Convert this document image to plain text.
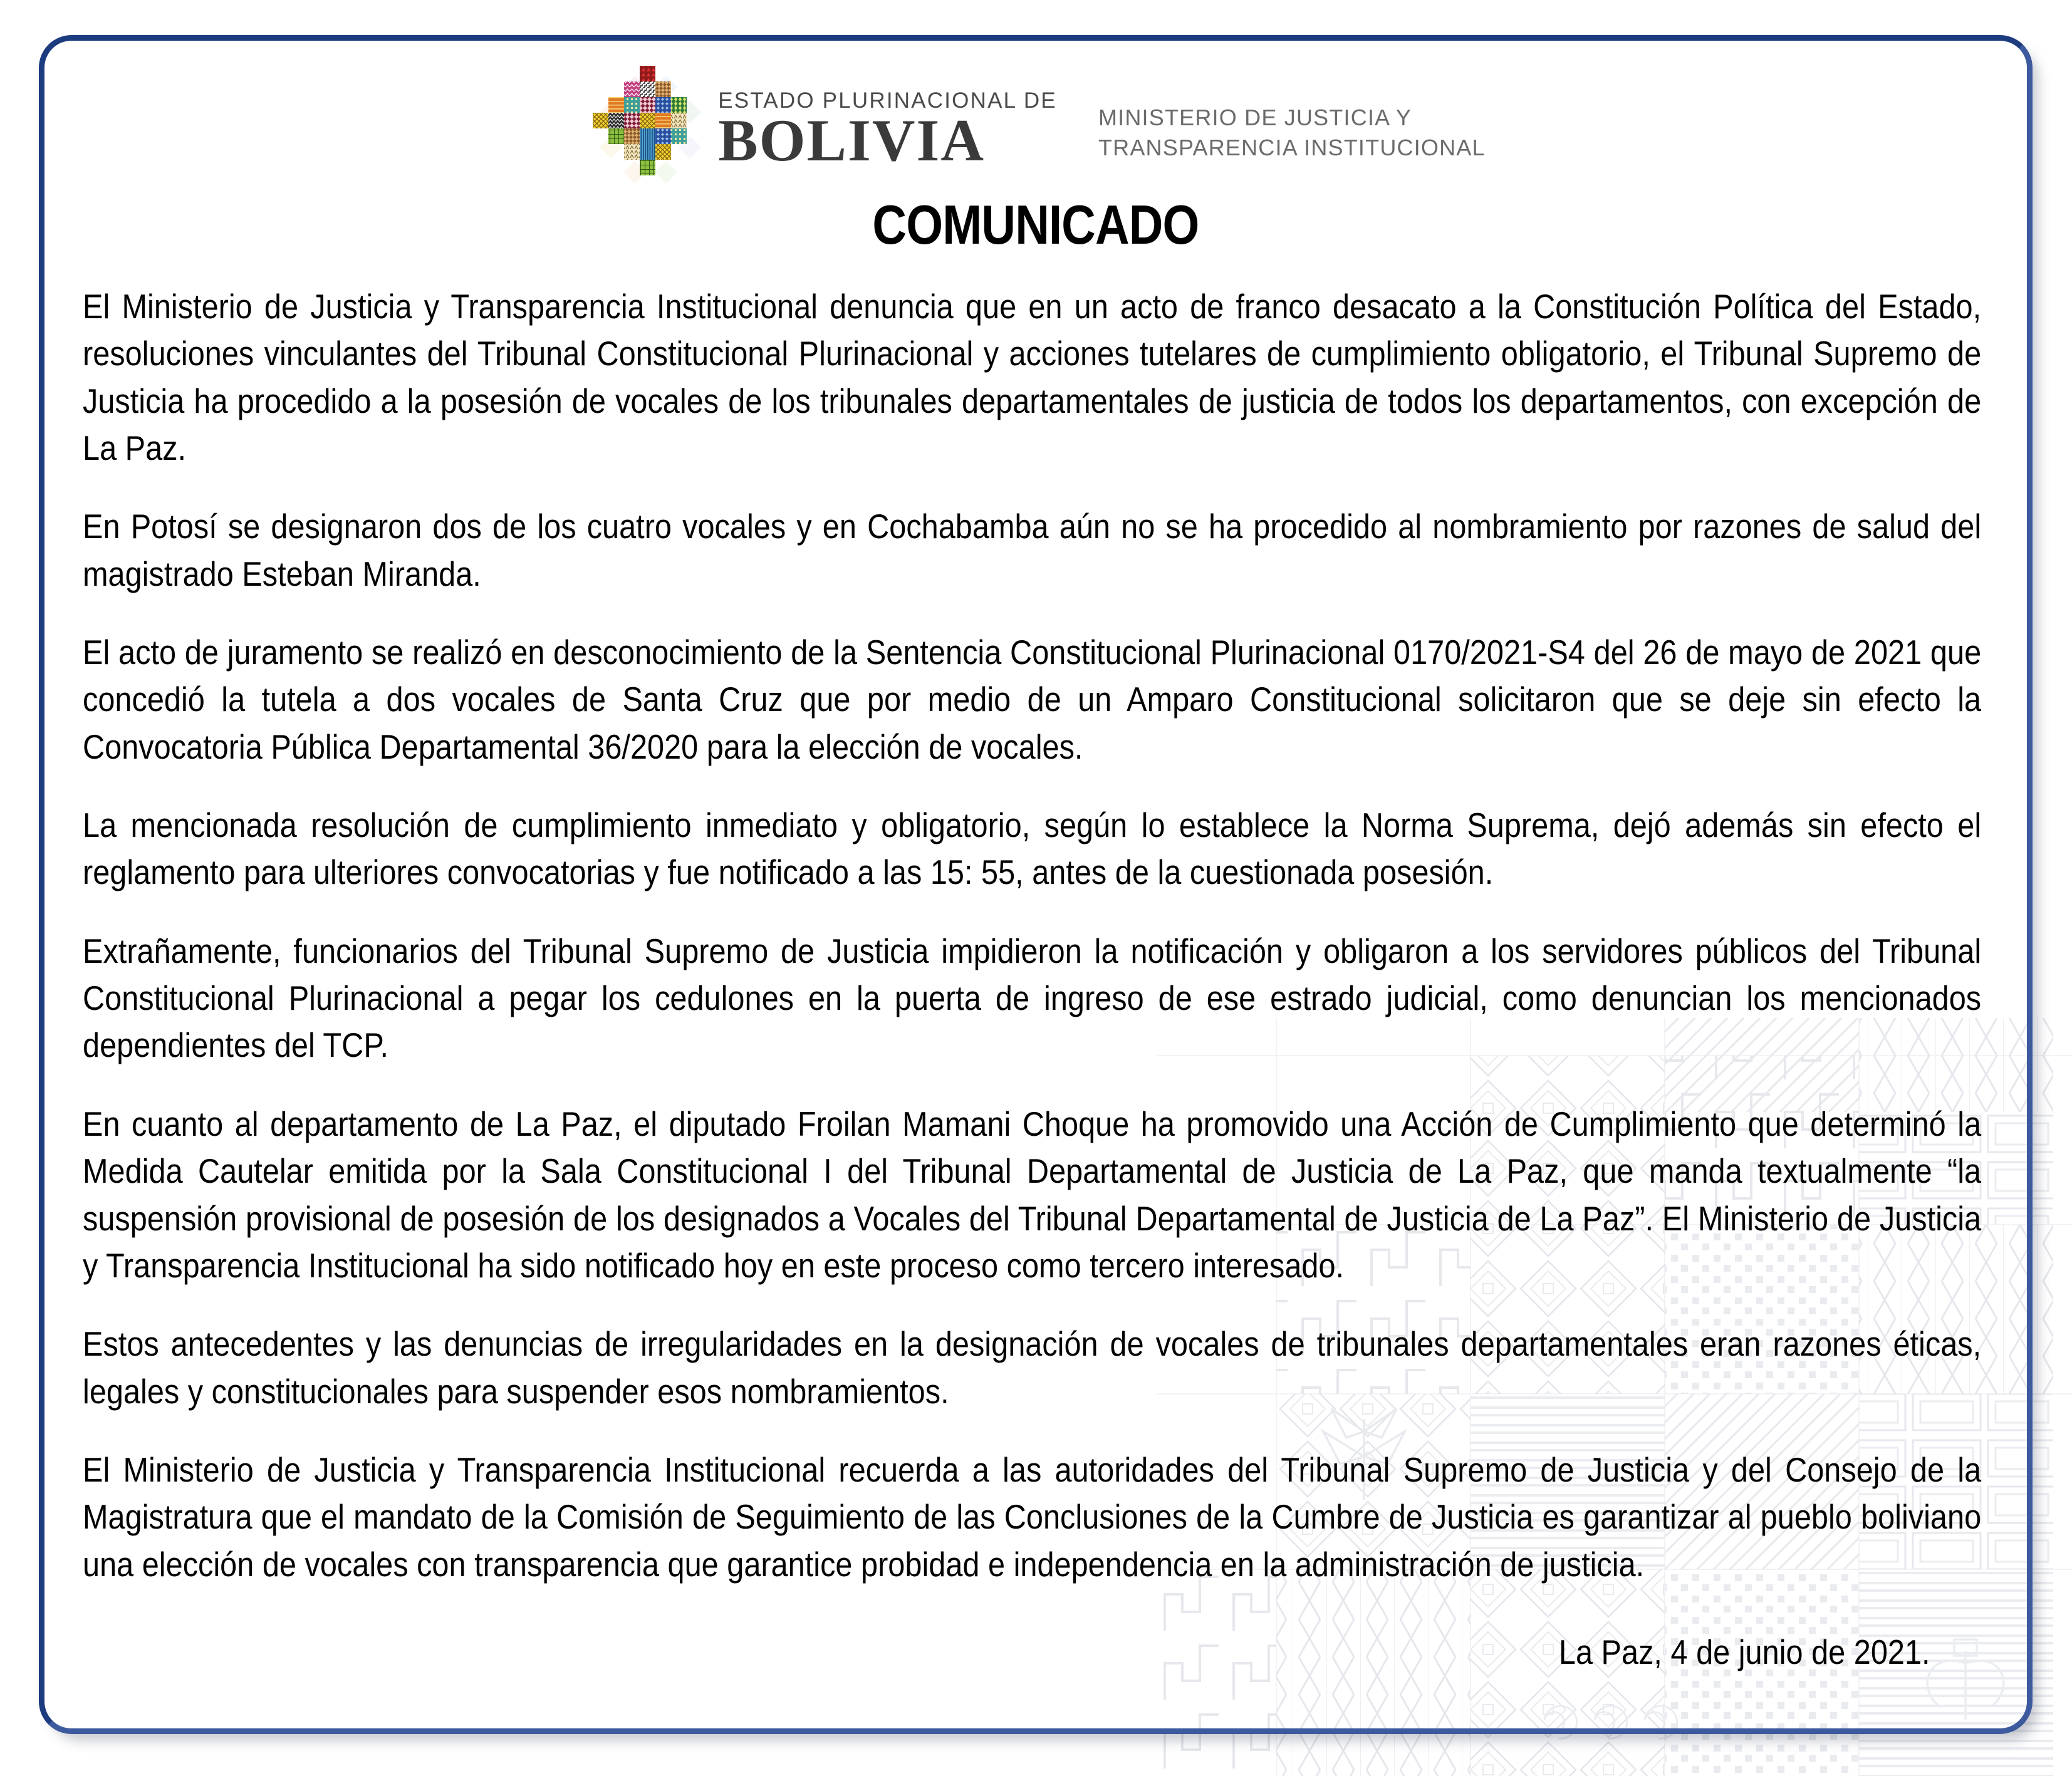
ESTADO PLURINACIONAL DE
BOLIVIA	MINISTERIO DE JUSTICIA Y
TRANSPARENCIA INSTITUCIONAL
COMUNICADO

El Ministerio de Justicia y Transparencia Institucional denuncia que en un acto de franco desacato a la Constitución Política del Estado, resoluciones vinculantes del Tribunal Constitucional Plurinacional y acciones tutelares de cumplimiento obligatorio, el Tribunal Supremo de Justicia ha procedido a la posesión de vocales de los tribunales departamentales de justicia de todos los departamentos, con excepción de La Paz.

En Potosí se designaron dos de los cuatro vocales y en Cochabamba aún no se ha procedido al nombramiento por razones de salud del magistrado Esteban Miranda.

El acto de juramento se realizó en desconocimiento de la Sentencia Constitucional Plurinacional 0170/2021-S4 del 26 de mayo de 2021 que concedió la tutela a dos vocales de Santa Cruz que por medio de un Amparo Constitucional solicitaron que se deje sin efecto la Convocatoria Pública Departamental 36/2020 para la elección de vocales.

La mencionada resolución de cumplimiento inmediato y obligatorio, según lo establece la Norma Suprema, dejó además sin efecto el reglamento para ulteriores convocatorias y fue notificado a las 15: 55, antes de la cuestionada posesión.

Extrañamente, funcionarios del Tribunal Supremo de Justicia impidieron la notificación y obligaron a los servidores públicos del Tribunal Constitucional Plurinacional a pegar los cedulones en la puerta de ingreso de ese estrado judicial, como denuncian los mencionados dependientes del TCP.

En cuanto al departamento de La Paz, el diputado Froilan Mamani Choque ha promovido una Acción de Cumplimiento que determinó la Medida Cautelar emitida por la Sala Constitucional I del Tribunal Departamental de Justicia de La Paz, que manda textualmente “la suspensión provisional de posesión de los designados a Vocales del Tribunal Departamental de Justicia de La Paz”. El Ministerio de Justicia y Transparencia Institucional ha sido notificado hoy en este proceso como tercero interesado.

Estos antecedentes y las denuncias de irregularidades en la designación de vocales de tribunales departamentales eran razones éticas, legales y constitucionales para suspender esos nombramientos.

El Ministerio de Justicia y Transparencia Institucional recuerda a las autoridades del Tribunal Supremo de Justicia y del Consejo de la Magistratura que el mandato de la Comisión de Seguimiento de las Conclusiones de la Cumbre de Justicia es garantizar al pueblo boliviano una elección de vocales con transparencia que garantice probidad e independencia en la administración de justicia.

La Paz, 4 de junio de 2021.
